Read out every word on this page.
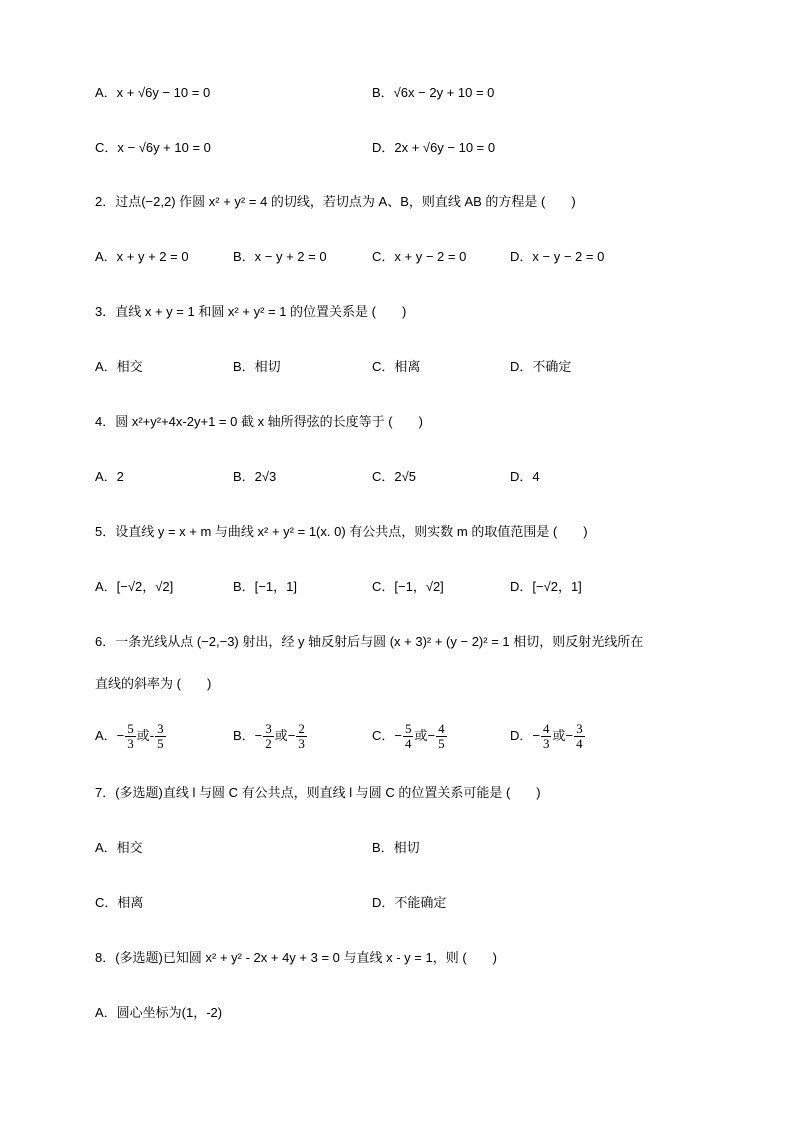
A．x + √6y − 10 = 0	B．√6x − 2y + 10 = 0
C．x − √6y + 10 = 0	D．2x + √6y − 10 = 0
2．过点(−2,2) 作圆 x² + y² = 4 的切线，若切点为 A、B，则直线 AB 的方程是 (　　)
A．x + y + 2 = 0	B．x − y + 2 = 0	C．x + y − 2 = 0	D．x − y − 2 = 0
3．直线 x + y = 1 和圆 x² + y² = 1 的位置关系是 (　　)
A．相交	B．相切	C．相离	D．不确定
4．圆 x²+y²+4x-2y+1 = 0 截 x 轴所得弦的长度等于 (　　)
A．2	B．2√3	C．2√5	D．4
5．设直线 y = x + m 与曲线 x² + y² = 1(x. 0) 有公共点，则实数 m 的取值范围是 (　　)
A．[−√2，√2]	B．[−1，1]	C．[−1，√2]	D．[−√2，1]
6．一条光线从点 (−2,−3) 射出，经 y 轴反射后与圆 (x + 3)² + (y − 2)² = 1 相切，则反射光线所在
直线的斜率为 (　　)
A．− $\frac{5}{3}$ 或- $\frac{3}{5}$	B．− $\frac{3}{2}$ 或− $\frac{2}{3}$	C．− $\frac{5}{4}$ 或− $\frac{4}{5}$	D．− $\frac{4}{3}$ 或− $\frac{3}{4}$
7．(多选题)直线 l 与圆 C 有公共点，则直线 l 与圆 C 的位置关系可能是 (　　)
A．相交	B．相切
C．相离	D．不能确定
8．(多选题)已知圆 x² + y² - 2x + 4y + 3 = 0 与直线 x - y = 1，则 (　　)
A．圆心坐标为(1，-2)
